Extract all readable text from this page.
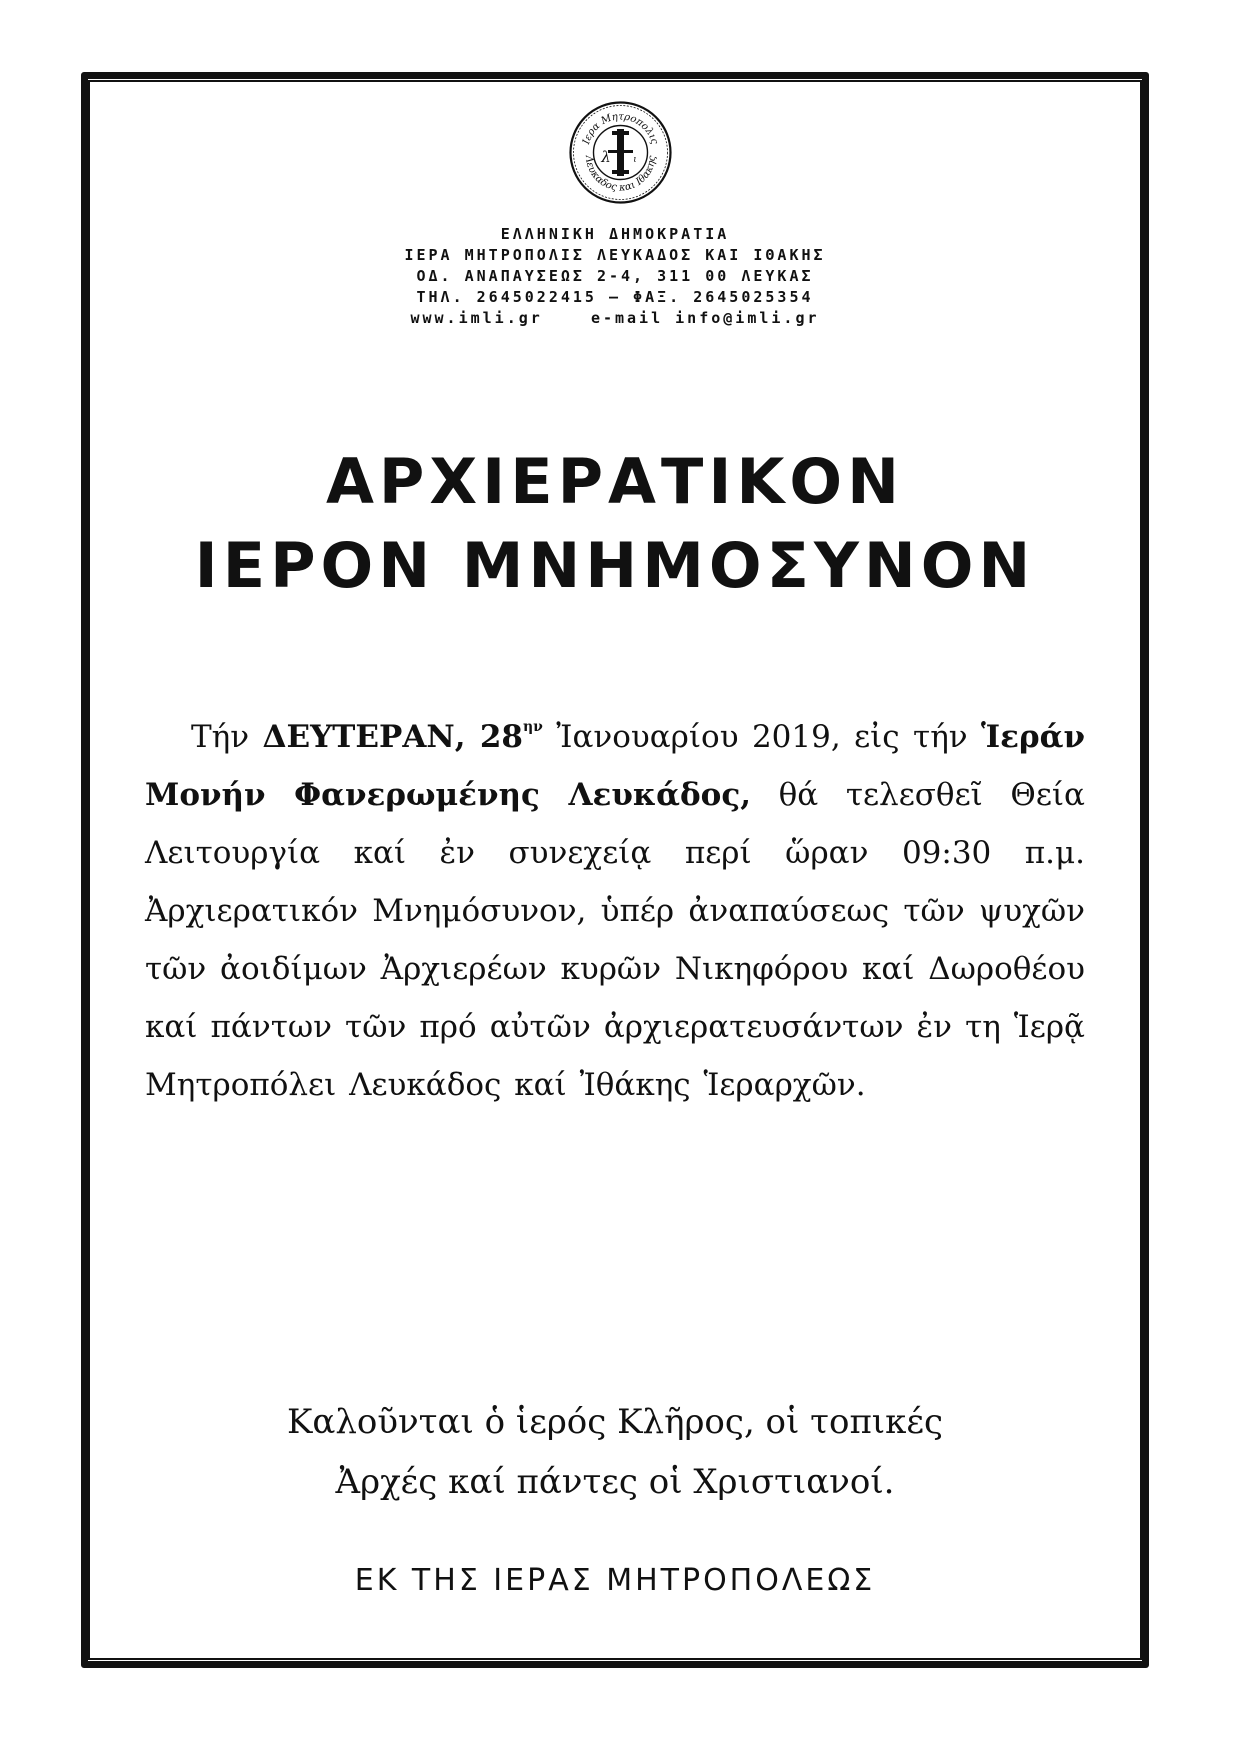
Ιερα Μητροπολις
Λευκαδος και Ιθακης
λ ι
ΕΛΛΗΝΙΚΗ ΔΗΜΟΚΡΑΤΙΑ
ΙΕΡΑ ΜΗΤΡΟΠΟΛΙΣ ΛΕΥΚΑΔΟΣ ΚΑΙ ΙΘΑΚΗΣ
ΟΔ. ΑΝΑΠΑΥΣΕΩΣ 2-4, 311 00 ΛΕΥΚΑΣ
ΤΗΛ. 2645022415 – ΦΑΞ. 2645025354
www.imli.gr	e-mail info@imli.gr
ΑΡΧΙΕΡΑΤΙΚΟΝ
ΙΕΡΟΝ ΜΝΗΜΟΣΥΝΟΝ
Τήν ΔΕΥΤΕΡΑΝ, $28^{\eta\nu}$ Ἰανουαρίου 2019, εἰς τήν Ἱεράν Μονήν Φανερωμένης Λευκάδος, θά τελεσθεῖ Θεία Λειτουργία καί ἐν συνεχείᾳ περί ὥραν 09:30 π.μ. Ἀρχιερατικόν Μνημόσυνον, ὑπέρ ἀναπαύσεως τῶν ψυχῶν τῶν ἀοιδίμων Ἀρχιερέων κυρῶν Νικηφόρου καί Δωροθέου καί πάντων τῶν πρό αὐτῶν ἀρχιερατευσάντων ἐν τη Ἱερᾷ Μητροπόλει Λευκάδος καί Ἰθάκης Ἱεραρχῶν.
Καλοῦνται ὁ ἱερός Κλῆρος, οἱ τοπικές
Ἀρχές καί πάντες οἱ Χριστιανοί.
ΕΚ ΤΗΣ ΙΕΡΑΣ ΜΗΤΡΟΠΟΛΕΩΣ
